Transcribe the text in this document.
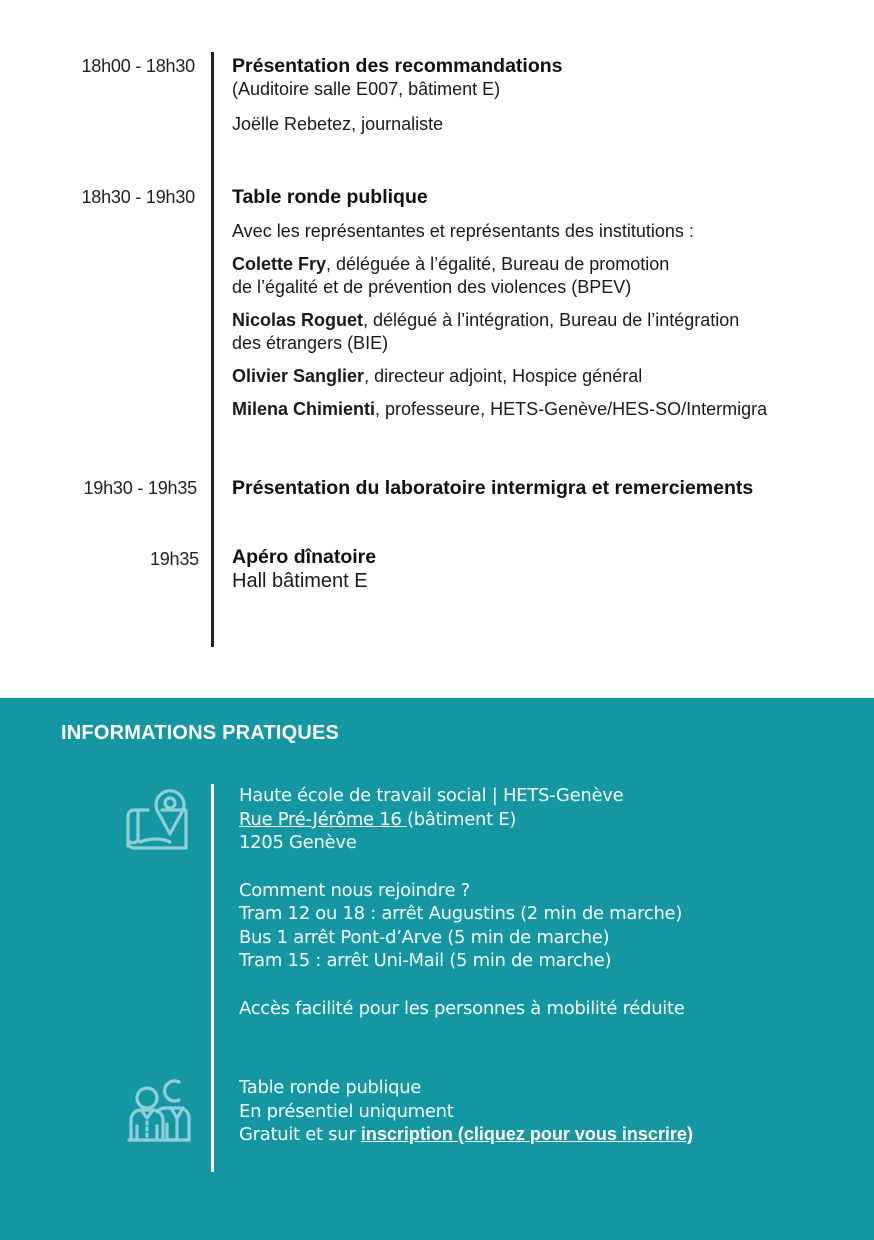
18h00 - 18h30 Présentation des recommandations
(Auditoire salle E007, bâtiment E)
Joëlle Rebetez, journaliste
18h30 - 19h30 Table ronde publique
Avec les représentantes et représentants des institutions :
Colette Fry, déléguée à l’égalité, Bureau de promotion
de l’égalité et de prévention des violences (BPEV)
Nicolas Roguet, délégué à l’intégration, Bureau de l’intégration
des étrangers (BIE)
Olivier Sanglier, directeur adjoint, Hospice général
Milena Chimienti, professeure, HETS-Genève/HES-SO/Intermigra
19h30 - 19h35 Présentation du laboratoire intermigra et remerciements
19h35 Apéro dînatoire
Hall bâtiment E
INFORMATIONS PRATIQUES
Haute école de travail social | HETS-Genève
Rue Pré-Jérôme 16 (bâtiment E)
1205 Genève
Comment nous rejoindre ?
Tram 12 ou 18 : arrêt Augustins (2 min de marche)
Bus 1 arrêt Pont-d’Arve (5 min de marche)
Tram 15 : arrêt Uni-Mail (5 min de marche)
Accès facilité pour les personnes à mobilité réduite
Table ronde publique
En présentiel uniqument
Gratuit et sur inscription (cliquez pour vous inscrire)
